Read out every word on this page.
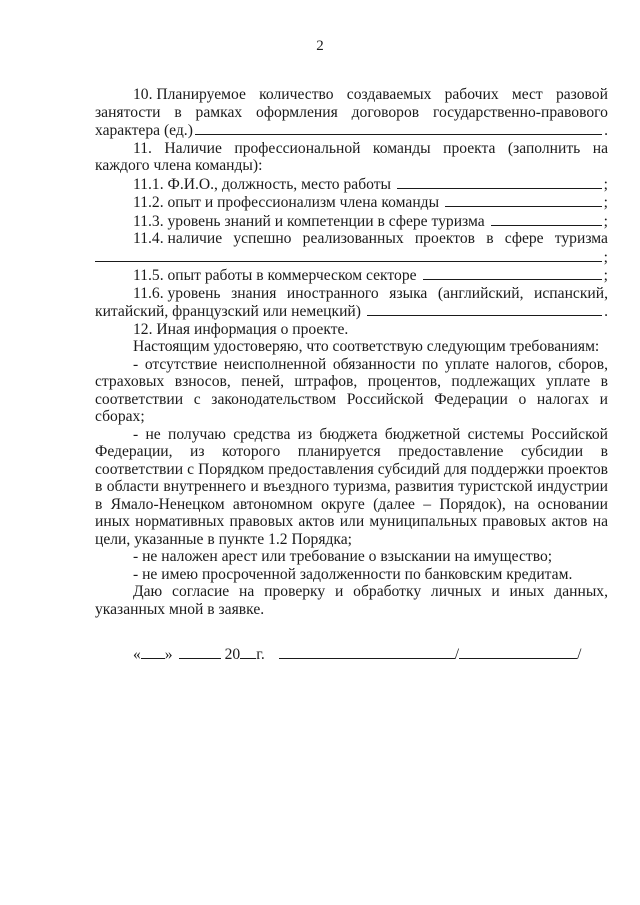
2
10. Планируемое количество создаваемых рабочих мест разовой
занятости в рамках оформления договоров государственно-правового
характера (ед.)	.

11. Наличие профессиональной команды проекта (заполнить на каждого члена команды):

11.1. Ф.И.О., должность, место работы	;
11.2. опыт и профессионализм члена команды	;
11.3. уровень знаний и компетенции в сфере туризма	;
11.4. наличие успешно реализованных проектов в сфере туризма
;
11.5. опыт работы в коммерческом секторе	;
11.6. уровень знания иностранного языка (английский, испанский,
китайский, французский или немецкий)	.

12. Иная информация о проекте.

Настоящим удостоверяю, что соответствую следующим требованиям:

- отсутствие неисполненной обязанности по уплате налогов, сборов, страховых взносов, пеней, штрафов, процентов, подлежащих уплате в соответствии с законодательством Российской Федерации о налогах и сборах;

- не получаю средства из бюджета бюджетной системы Российской Федерации, из которого планируется предоставление субсидии в соответствии с Порядком предоставления субсидий для поддержки проектов в области внутреннего и въездного туризма, развития туристской индустрии в Ямало-Ненецком автономном округе (далее – Порядок), на основании иных нормативных правовых актов или муниципальных правовых актов на цели, указанные в пункте 1.2 Порядка;

- не наложен арест или требование о взыскании на имущество;

- не имею просроченной задолженности по банковским кредитам.

Даю согласие на проверку и обработку личных и иных данных, указанных мной в заявке.

« »	20 г.	/	/
